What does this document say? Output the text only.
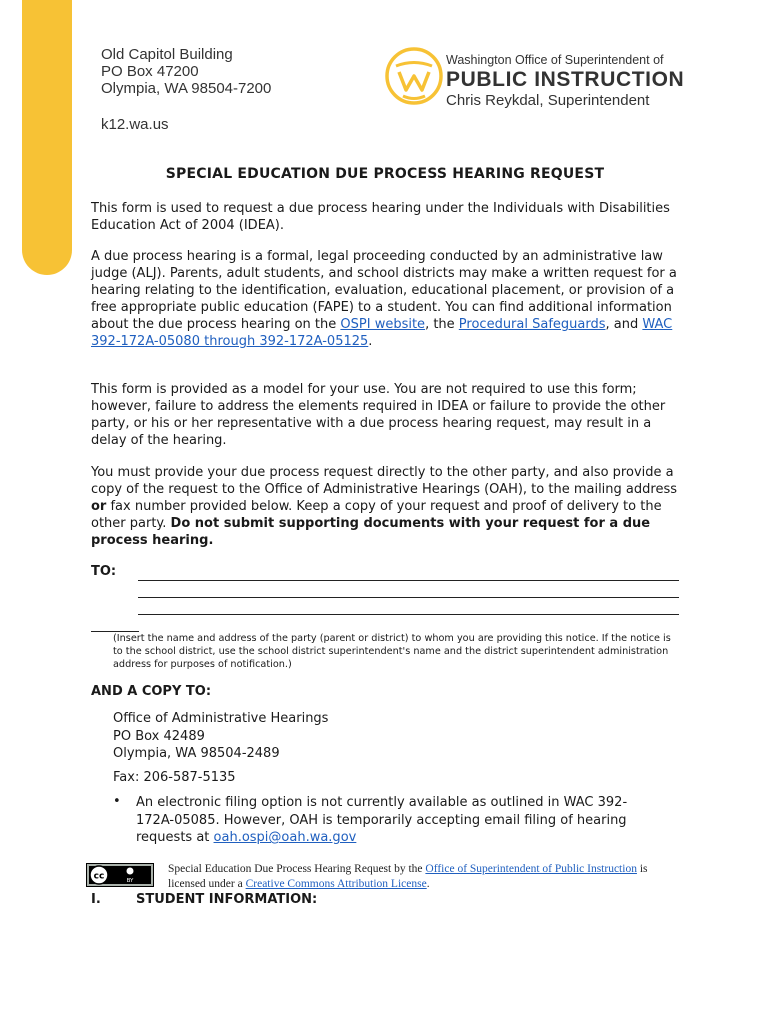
Old Capitol Building
PO Box 47200
Olympia, WA 98504-7200
k12.wa.us
Washington Office of Superintendent of
PUBLIC INSTRUCTION
Chris Reykdal, Superintendent
SPECIAL EDUCATION DUE PROCESS HEARING REQUEST

This form is used to request a due process hearing under the Individuals with Disabilities Education Act of 2004 (IDEA).

A due process hearing is a formal, legal proceeding conducted by an administrative law judge (ALJ). Parents, adult students, and school districts may make a written request for a hearing relating to the identification, evaluation, educational placement, or provision of a free appropriate public education (FAPE) to a student. You can find additional information about the due process hearing on the OSPI website, the Procedural Safeguards, and WAC 392-172A-05080 through 392-172A-05125.

This form is provided as a model for your use. You are not required to use this form; however, failure to address the elements required in IDEA or failure to provide the other party, or his or her representative with a due process hearing request, may result in a delay of the hearing.

You must provide your due process request directly to the other party, and also provide a copy of the request to the Office of Administrative Hearings (OAH), to the mailing address or fax number provided below. Keep a copy of your request and proof of delivery to the other party. Do not submit supporting documents with your request for a due process hearing.

TO:
(Insert the name and address of the party (parent or district) to whom you are providing this notice. If the notice is to the school district, use the school district superintendent's name and the district superintendent administration address for purposes of notification.)
AND A COPY TO:
Office of Administrative Hearings
PO Box 42489
Olympia, WA 98504-2489
Fax: 206-587-5135
• An electronic filing option is not currently available as outlined in WAC 392-172A-05085. However, OAH is temporarily accepting email filing of hearing requests at oah.ospi@oah.wa.gov
cc	BY
Special Education Due Process Hearing Request by the Office of Superintendent of Public Instruction is licensed under a Creative Commons Attribution License.
I.	STUDENT INFORMATION:
